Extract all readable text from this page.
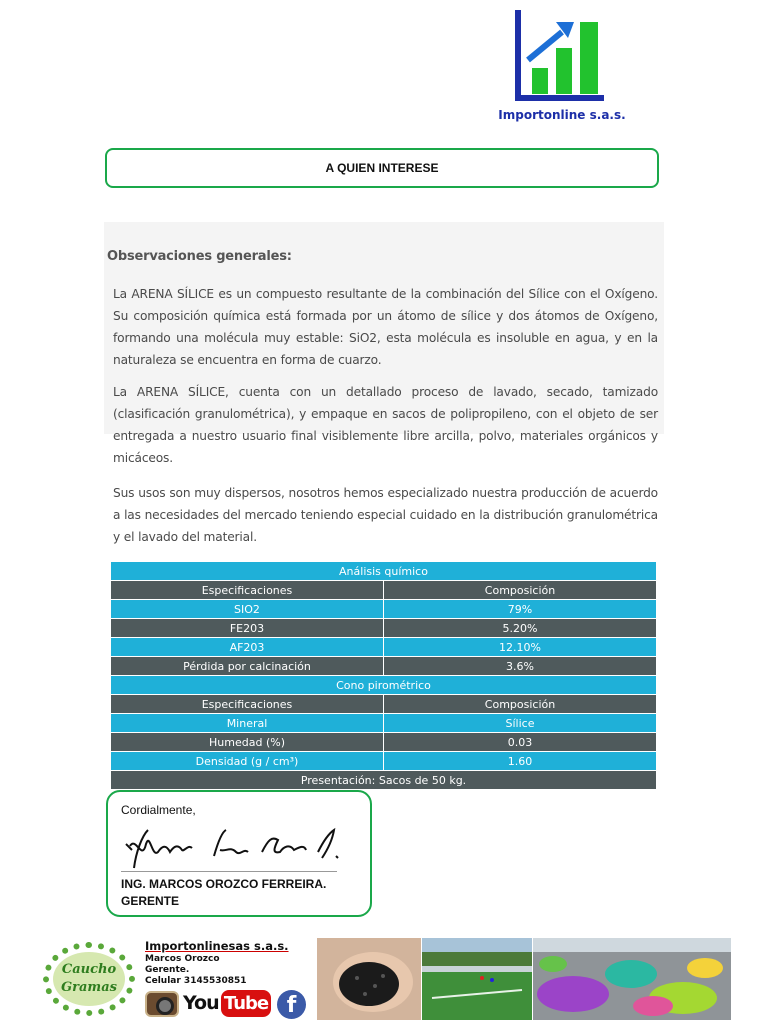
Importonline s.a.s.
A QUIEN INTERESE
Observaciones generales:

La ARENA SÍLICE es un compuesto resultante de la combinación del Sílice con el Oxígeno. Su composición química está formada por un átomo de sílice y dos átomos de Oxígeno, formando una molécula muy estable: SiO2, esta molécula es insoluble en agua, y en la naturaleza se encuentra en forma de cuarzo.

La ARENA SÍLICE, cuenta con un detallado proceso de lavado, secado, tamizado (clasificación granulométrica), y empaque en sacos de polipropileno, con el objeto de ser entregada a nuestro usuario final visiblemente libre arcilla, polvo, materiales orgánicos y micáceos.

Sus usos son muy dispersos, nosotros hemos especializado nuestra producción de acuerdo a las necesidades del mercado teniendo especial cuidado en la distribución granulométrica y el lavado del material.

Análisis químico	
Especificaciones	Composición
SIO2	79%
FE203	5.20%
AF203	12.10%
Pérdida por calcinación	3.6%
Cono pirométrico	
Especificaciones	Composición
Mineral	Sílice
Humedad (%)	0.03
Densidad (g / cm³)	1.60
Presentación: Sacos de 50 kg.	
Cordialmente,
ING. MARCOS OROZCO FERREIRA.
GERENTE
Caucho
Gramas
Importonlinesas s.a.s.
Marcos Orozco
Gerente.
Celular 3145530851
You Tube f
